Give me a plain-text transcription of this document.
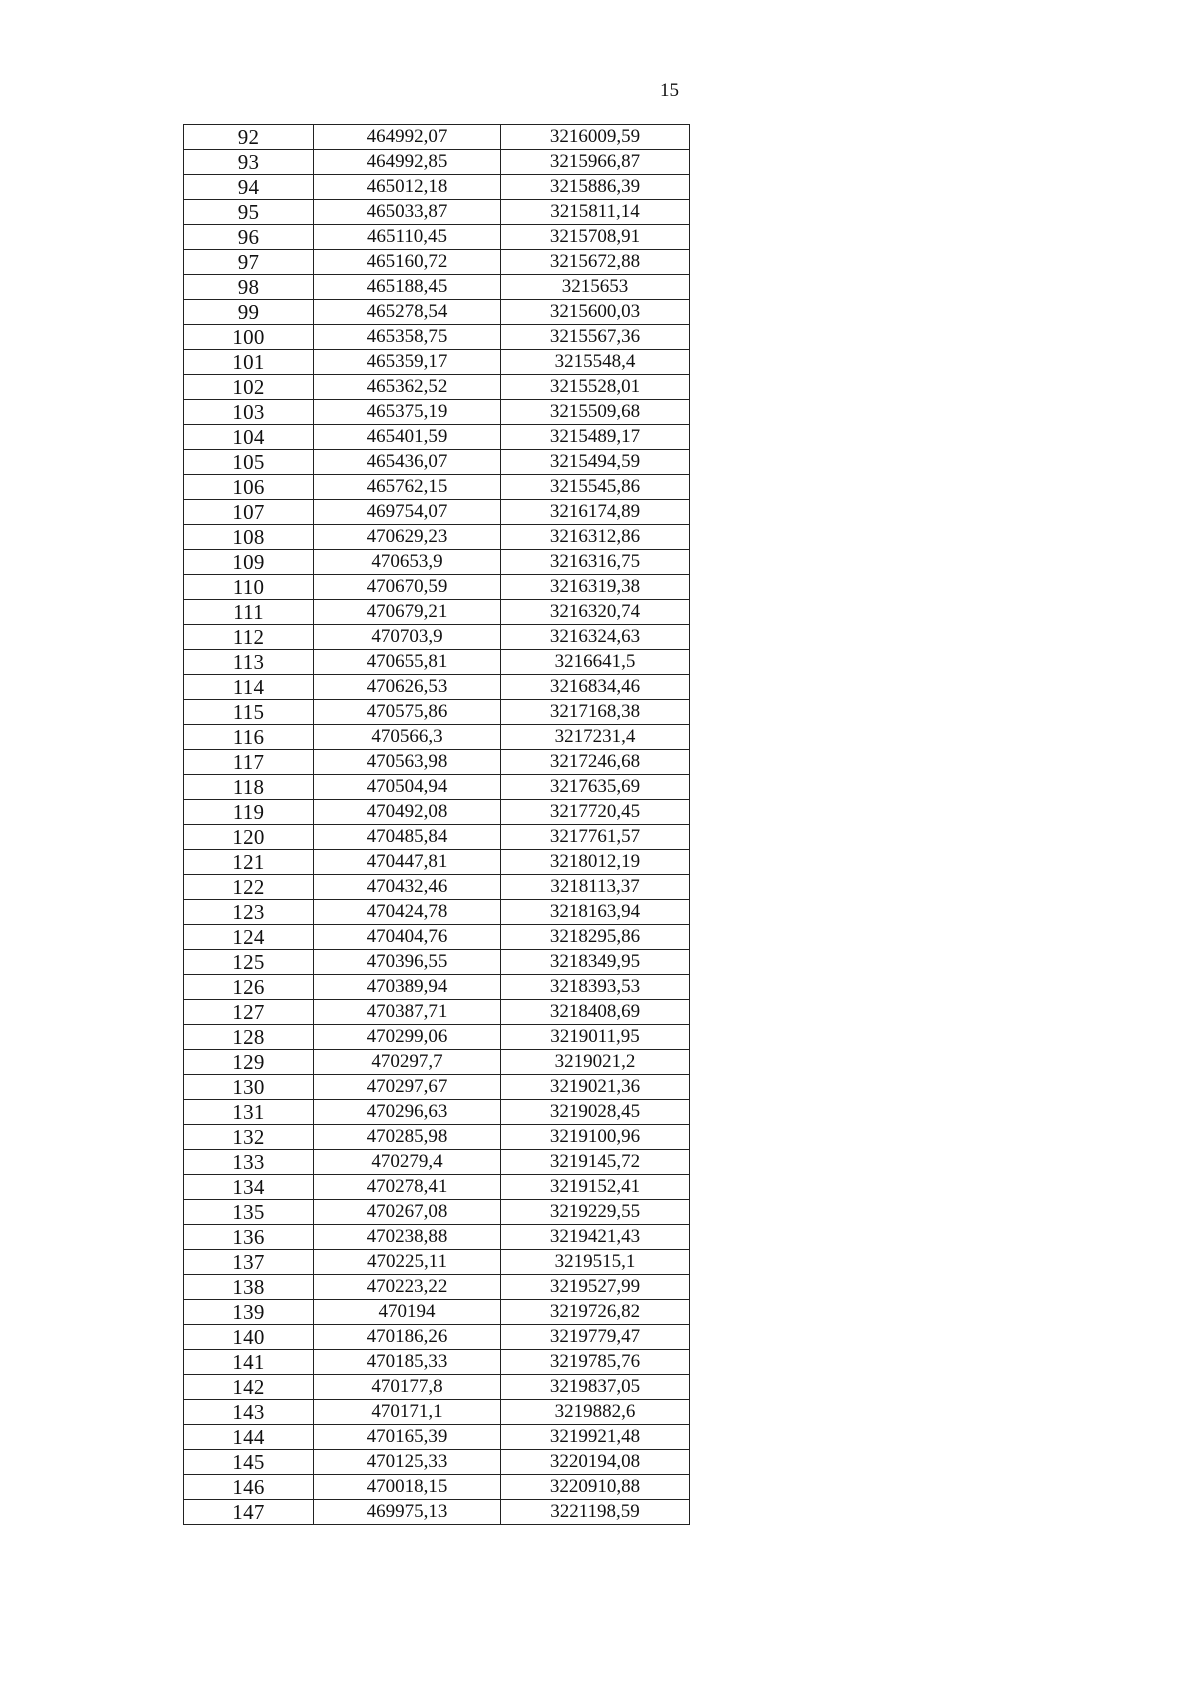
15
92	464992,07	3216009,59
93	464992,85	3215966,87
94	465012,18	3215886,39
95	465033,87	3215811,14
96	465110,45	3215708,91
97	465160,72	3215672,88
98	465188,45	3215653
99	465278,54	3215600,03
100	465358,75	3215567,36
101	465359,17	3215548,4
102	465362,52	3215528,01
103	465375,19	3215509,68
104	465401,59	3215489,17
105	465436,07	3215494,59
106	465762,15	3215545,86
107	469754,07	3216174,89
108	470629,23	3216312,86
109	470653,9	3216316,75
110	470670,59	3216319,38
111	470679,21	3216320,74
112	470703,9	3216324,63
113	470655,81	3216641,5
114	470626,53	3216834,46
115	470575,86	3217168,38
116	470566,3	3217231,4
117	470563,98	3217246,68
118	470504,94	3217635,69
119	470492,08	3217720,45
120	470485,84	3217761,57
121	470447,81	3218012,19
122	470432,46	3218113,37
123	470424,78	3218163,94
124	470404,76	3218295,86
125	470396,55	3218349,95
126	470389,94	3218393,53
127	470387,71	3218408,69
128	470299,06	3219011,95
129	470297,7	3219021,2
130	470297,67	3219021,36
131	470296,63	3219028,45
132	470285,98	3219100,96
133	470279,4	3219145,72
134	470278,41	3219152,41
135	470267,08	3219229,55
136	470238,88	3219421,43
137	470225,11	3219515,1
138	470223,22	3219527,99
139	470194	3219726,82
140	470186,26	3219779,47
141	470185,33	3219785,76
142	470177,8	3219837,05
143	470171,1	3219882,6
144	470165,39	3219921,48
145	470125,33	3220194,08
146	470018,15	3220910,88
147	469975,13	3221198,59
